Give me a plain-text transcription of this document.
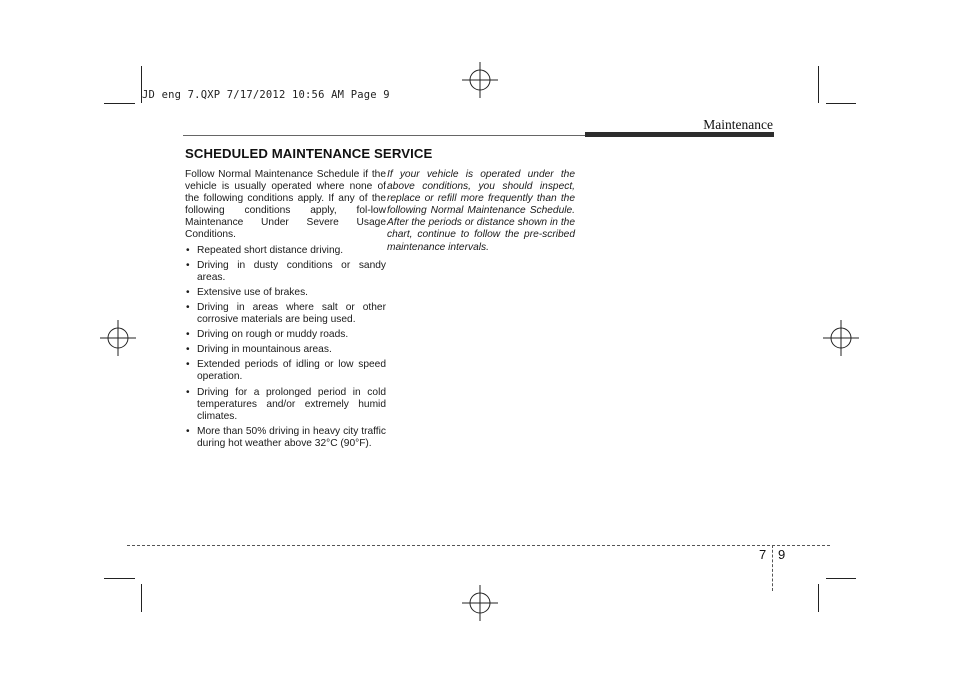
JD eng 7.QXP 7/17/2012 10:56 AM Page 9
Maintenance
SCHEDULED MAINTENANCE SERVICE

Follow Normal Maintenance Schedule if the vehicle is usually operated where none of the following conditions apply. If any of the following conditions apply, fol-low Maintenance Under Severe Usage Conditions.

• Repeated short distance driving.
• Driving in dusty conditions or sandy areas.
• Extensive use of brakes.
• Driving in areas where salt or other corrosive materials are being used.
• Driving on rough or muddy roads.
• Driving in mountainous areas.
• Extended periods of idling or low speed operation.
• Driving for a prolonged period in cold temperatures and/or extremely humid climates.
• More than 50% driving in heavy city traffic during hot weather above 32°C (90°F).

If your vehicle is operated under the above conditions, you should inspect, replace or refill more frequently than the following Normal Maintenance Schedule. After the periods or distance shown in the chart, continue to follow the pre-scribed maintenance intervals.

7 9
